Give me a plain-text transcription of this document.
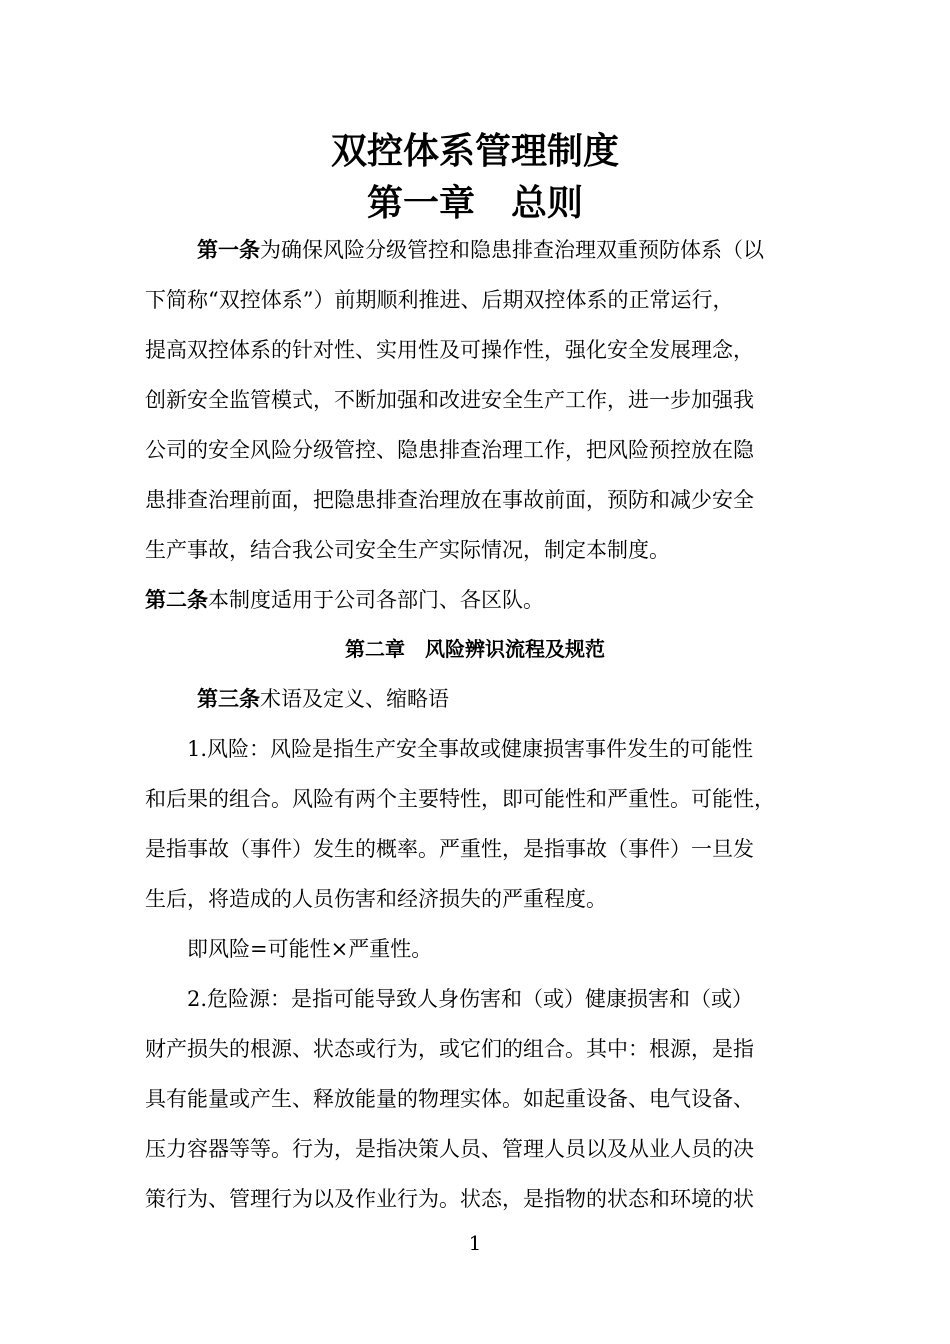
双控体系管理制度
第一章　总则

第一条为确保风险分级管控和隐患排查治理双重预防体系（以

下简称“双控体系”）前期顺利推进、后期双控体系的正常运行，

提高双控体系的针对性、实用性及可操作性，强化安全发展理念，

创新安全监管模式，不断加强和改进安全生产工作，进一步加强我

公司的安全风险分级管控、隐患排查治理工作，把风险预控放在隐

患排查治理前面，把隐患排查治理放在事故前面，预防和减少安全

生产事故，结合我公司安全生产实际情况，制定本制度。

第二条本制度适用于公司各部门、各区队。

第二章　风险辨识流程及规范

第三条术语及定义、缩略语

1.风险：风险是指生产安全事故或健康损害事件发生的可能性

和后果的组合。风险有两个主要特性，即可能性和严重性。可能性，

是指事故（事件）发生的概率。严重性，是指事故（事件）一旦发

生后，将造成的人员伤害和经济损失的严重程度。

即风险=可能性×严重性。

2.危险源：是指可能导致人身伤害和（或）健康损害和（或）

财产损失的根源、状态或行为，或它们的组合。其中：根源，是指

具有能量或产生、释放能量的物理实体。如起重设备、电气设备、

压力容器等等。行为，是指决策人员、管理人员以及从业人员的决

策行为、管理行为以及作业行为。状态，是指物的状态和环境的状

1
